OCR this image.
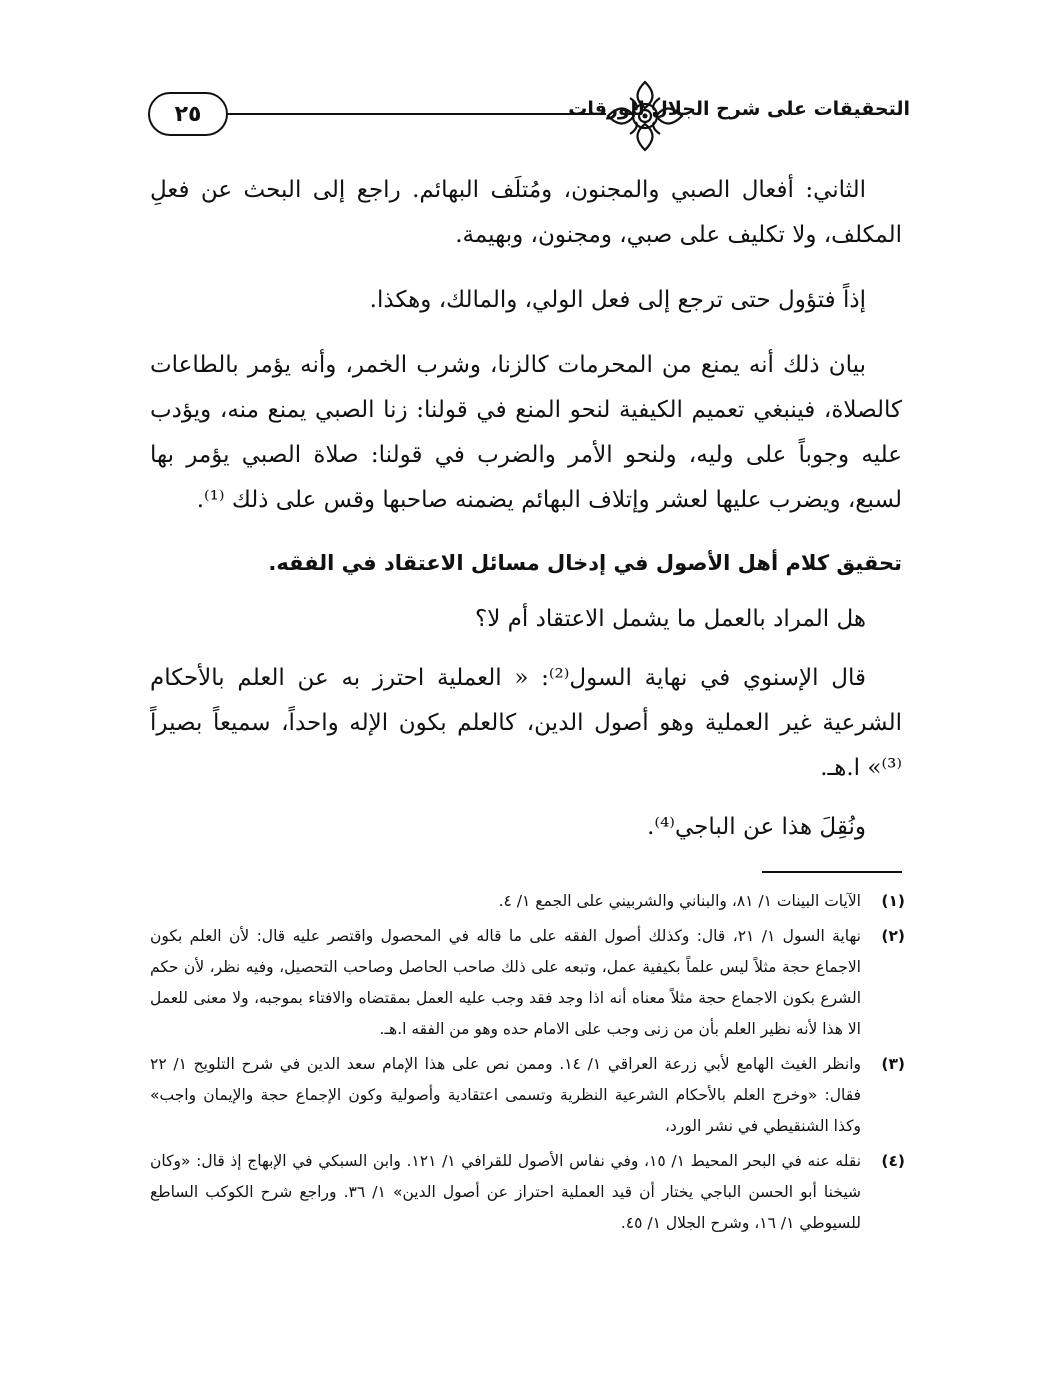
٢٥	التحقيقات على شرح الجلال للورقات

الثاني: أفعال الصبي والمجنون، ومُتلَف البهائم. راجع إلى البحث عن فعلِ المكلف، ولا تكليف على صبي، ومجنون، وبهيمة.

إذاً فتؤول حتى ترجع إلى فعل الولي، والمالك، وهكذا.

بيان ذلك أنه يمنع من المحرمات كالزنا، وشرب الخمر، وأنه يؤمر بالطاعات كالصلاة، فينبغي تعميم الكيفية لنحو المنع في قولنا: زنا الصبي يمنع منه، ويؤدب عليه وجوباً على وليه، ولنحو الأمر والضرب في قولنا: صلاة الصبي يؤمر بها لسبع، ويضرب عليها لعشر وإتلاف البهائم يضمنه صاحبها وقس على ذلك ⁽¹⁾.

تحقيق كلام أهل الأصول في إدخال مسائل الاعتقاد في الفقه.

هل المراد بالعمل ما يشمل الاعتقاد أم لا؟

قال الإسنوي في نهاية السول⁽²⁾: « العملية احترز به عن العلم بالأحكام الشرعية غير العملية وهو أصول الدين، كالعلم بكون الإله واحداً، سميعاً بصيراً ⁽³⁾» ا.هـ.

ونُقِلَ هذا عن الباجي⁽⁴⁾.

(١)
الآيات البينات ١/ ٨١، والبناني والشربيني على الجمع ١/ ٤.
(٢)
نهاية السول ١/ ٢١، قال: وكذلك أصول الفقه على ما قاله في المحصول واقتصر عليه قال: لأن العلم بكون الاجماع حجة مثلاً ليس علماً بكيفية عمل، وتبعه على ذلك صاحب الحاصل وصاحب التحصيل، وفيه نظر، لأن حكم الشرع بكون الاجماع حجة مثلاً معناه أنه اذا وجد فقد وجب عليه العمل بمقتضاه والافتاء بموجبه، ولا معنى للعمل الا هذا لأنه نظير العلم بأن من زنى وجب على الامام حده وهو من الفقه ا.هـ.
(٣)
وانظر الغيث الهامع لأبي زرعة العراقي ١/ ١٤. وممن نص على هذا الإمام سعد الدين في شرح التلويح ١/ ٢٢ فقال: «وخرج العلم بالأحكام الشرعية النظرية وتسمى اعتقادية وأصولية وكون الإجماع حجة والإيمان واجب» وكذا الشنقيطي في نشر الورد،
(٤)
نقله عنه في البحر المحيط ١/ ١٥، وفي نفاس الأصول للقرافي ١/ ١٢١. وابن السبكي في الإبهاج إذ قال: «وكان شيخنا أبو الحسن الباجي يختار أن قيد العملية احتراز عن أصول الدين» ١/ ٣٦. وراجع شرح الكوكب الساطع للسيوطي ١/ ١٦، وشرح الجلال ١/ ٤٥.
